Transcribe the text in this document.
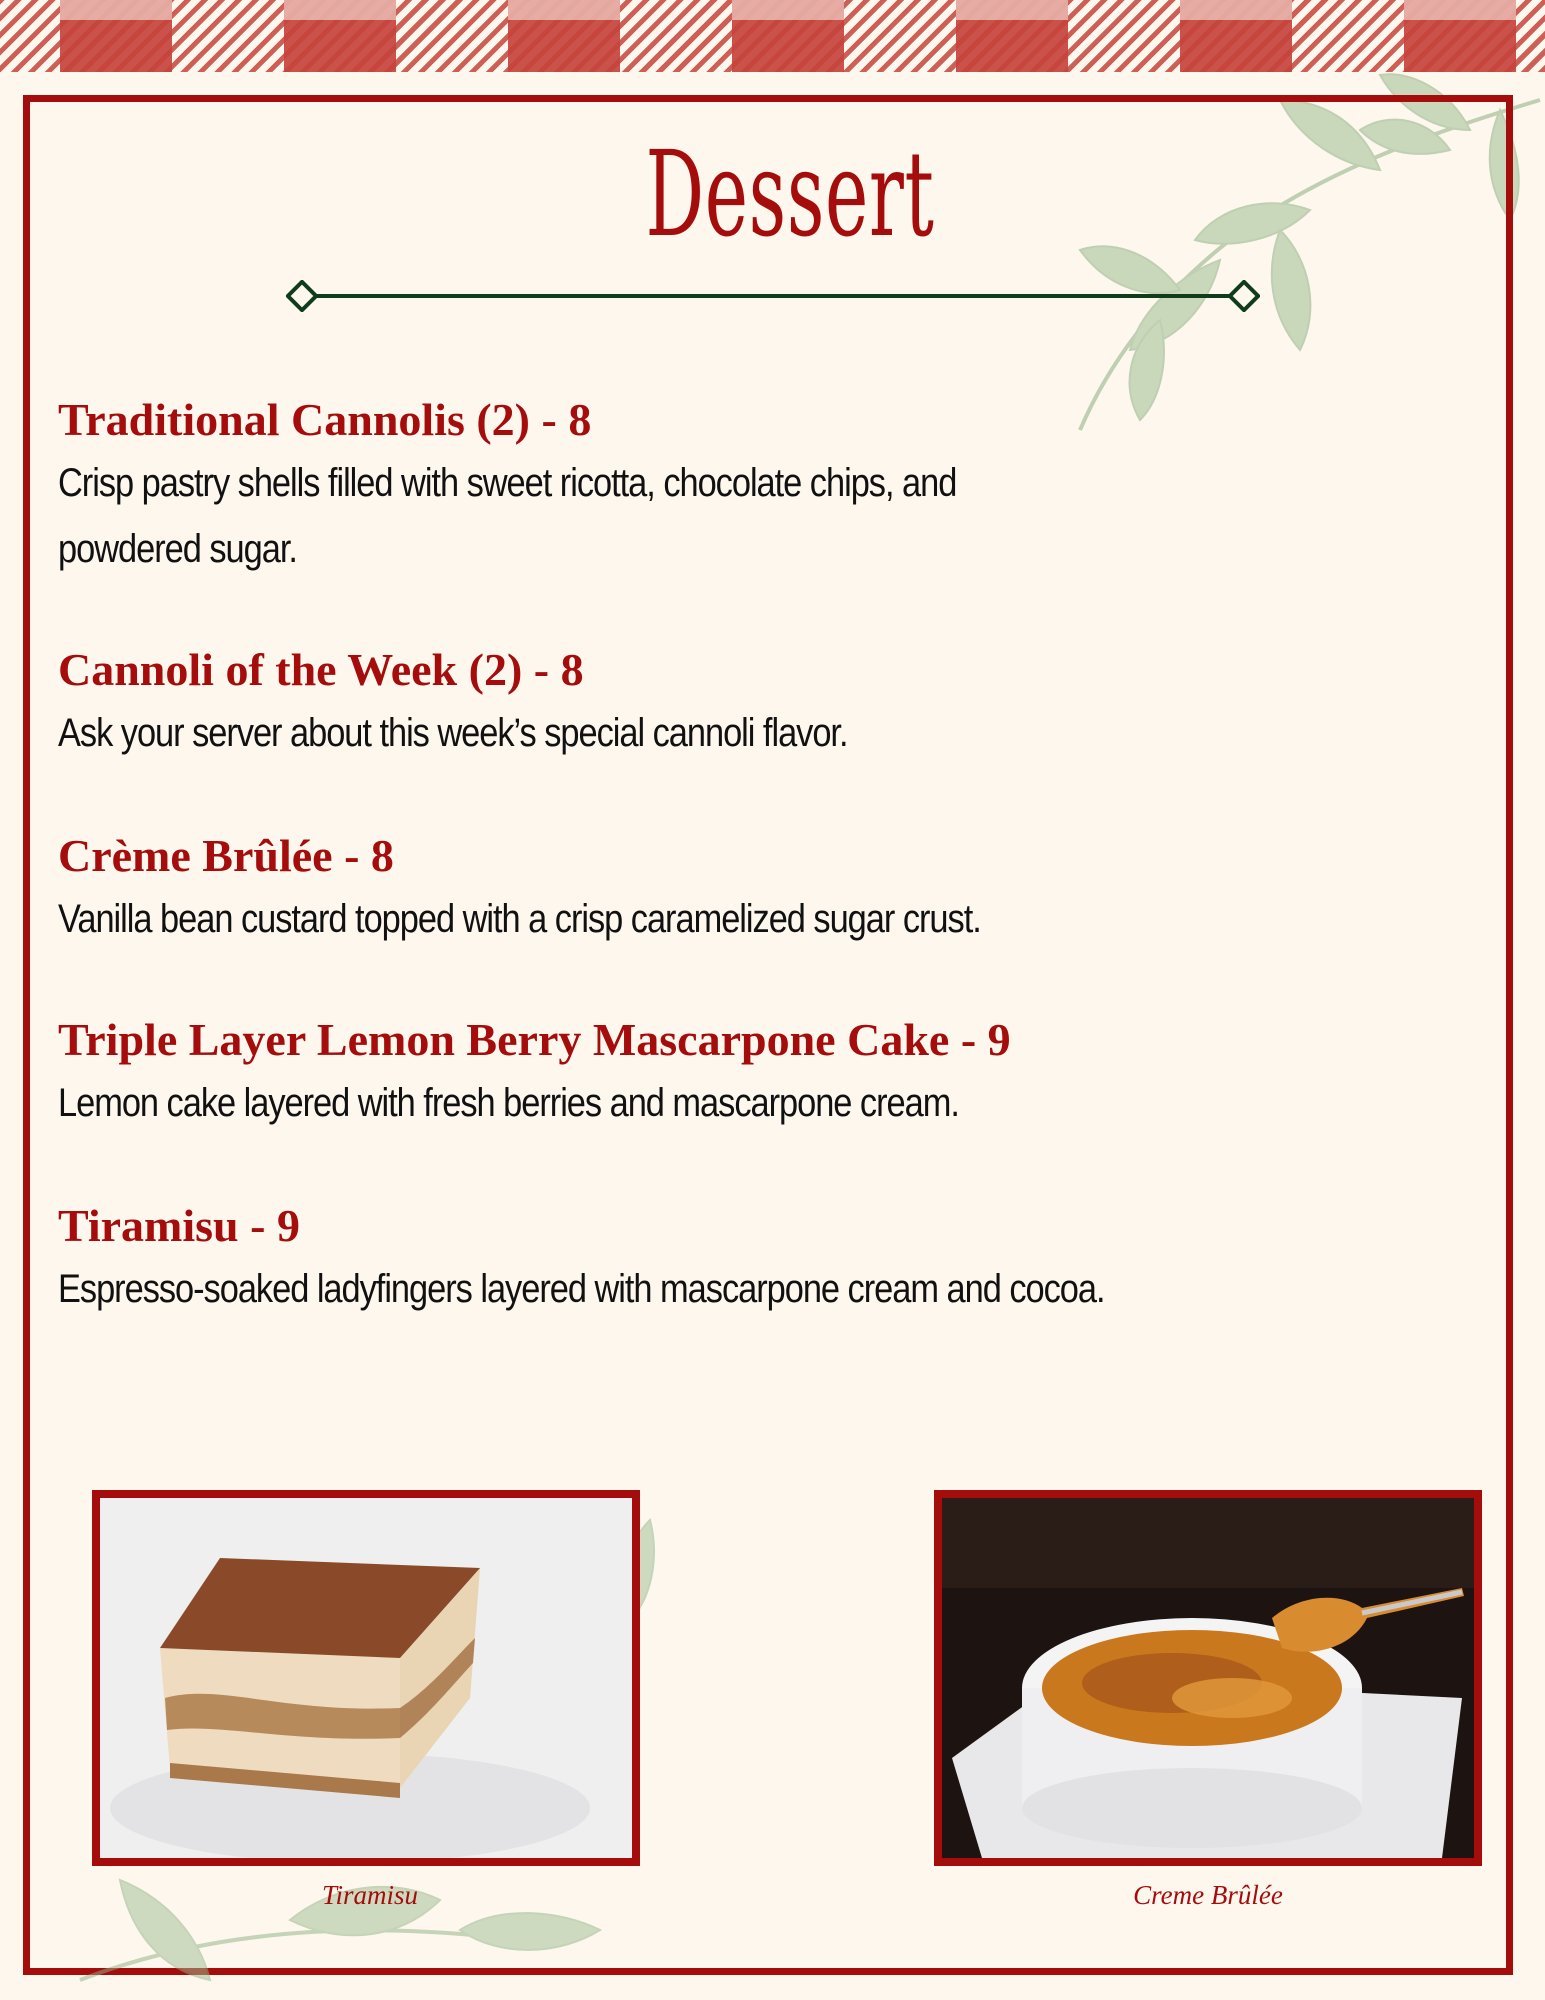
Dessert
Traditional Cannolis (2) - 8

Crisp pastry shells filled with sweet ricotta, chocolate chips, and powdered sugar.

Cannoli of the Week (2) - 8

Ask your server about this week’s special cannoli flavor.

Crème Brûlée - 8

Vanilla bean custard topped with a crisp caramelized sugar crust.

Triple Layer Lemon Berry Mascarpone Cake - 9

Lemon cake layered with fresh berries and mascarpone cream.

Tiramisu - 9

Espresso-soaked ladyfingers layered with mascarpone cream and cocoa.

Tiramisu	Creme Brûlée
